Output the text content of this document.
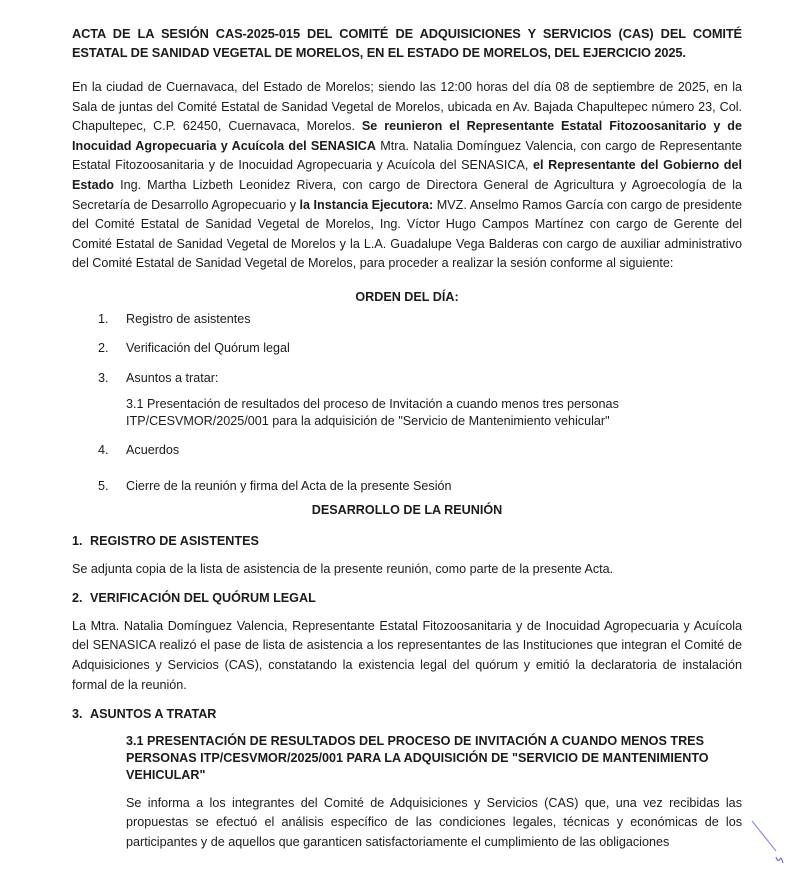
ACTA DE LA SESIÓN CAS-2025-015 DEL COMITÉ DE ADQUISICIONES Y SERVICIOS (CAS) DEL COMITÉ ESTATAL DE SANIDAD VEGETAL DE MORELOS, EN EL ESTADO DE MORELOS, DEL EJERCICIO 2025.

En la ciudad de Cuernavaca, del Estado de Morelos; siendo las 12:00 horas del día 08 de septiembre de 2025, en la Sala de juntas del Comité Estatal de Sanidad Vegetal de Morelos, ubicada en Av. Bajada Chapultepec número 23, Col. Chapultepec, C.P. 62450, Cuernavaca, Morelos. Se reunieron el Representante Estatal Fitozoosanitario y de Inocuidad Agropecuaria y Acuícola del SENASICA Mtra. Natalia Domínguez Valencia, con cargo de Representante Estatal Fitozoosanitaria y de Inocuidad Agropecuaria y Acuícola del SENASICA, el Representante del Gobierno del Estado Ing. Martha Lizbeth Leonidez Rivera, con cargo de Directora General de Agricultura y Agroecología de la Secretaría de Desarrollo Agropecuario y la Instancia Ejecutora: MVZ. Anselmo Ramos García con cargo de presidente del Comité Estatal de Sanidad Vegetal de Morelos, Ing. Víctor Hugo Campos Martínez con cargo de Gerente del Comité Estatal de Sanidad Vegetal de Morelos y la L.A. Guadalupe Vega Balderas con cargo de auxiliar administrativo del Comité Estatal de Sanidad Vegetal de Morelos, para proceder a realizar la sesión conforme al siguiente:

ORDEN DEL DÍA:

1. Registro de asistentes
2. Verificación del Quórum legal
3. Asuntos a tratar:
3.1 Presentación de resultados del proceso de Invitación a cuando menos tres personas ITP/CESVMOR/2025/001 para la adquisición de "Servicio de Mantenimiento vehicular"
4. Acuerdos
5. Cierre de la reunión y firma del Acta de la presente Sesión

DESARROLLO DE LA REUNIÓN

1. REGISTRO DE ASISTENTES

Se adjunta copia de la lista de asistencia de la presente reunión, como parte de la presente Acta.

2. VERIFICACIÓN DEL QUÓRUM LEGAL

La Mtra. Natalia Domínguez Valencia, Representante Estatal Fitozoosanitaria y de Inocuidad Agropecuaria y Acuícola del SENASICA realizó el pase de lista de asistencia a los representantes de las Instituciones que integran el Comité de Adquisiciones y Servicios (CAS), constatando la existencia legal del quórum y emitió la declaratoria de instalación formal de la reunión.

3. ASUNTOS A TRATAR

3.1 PRESENTACIÓN DE RESULTADOS DEL PROCESO DE INVITACIÓN A CUANDO MENOS TRES PERSONAS ITP/CESVMOR/2025/001 PARA LA ADQUISICIÓN DE "SERVICIO DE MANTENIMIENTO VEHICULAR"

Se informa a los integrantes del Comité de Adquisiciones y Servicios (CAS) que, una vez recibidas las propuestas se efectuó el análisis específico de las condiciones legales, técnicas y económicas de los participantes y de aquellos que garanticen satisfactoriamente el cumplimiento de las obligaciones
